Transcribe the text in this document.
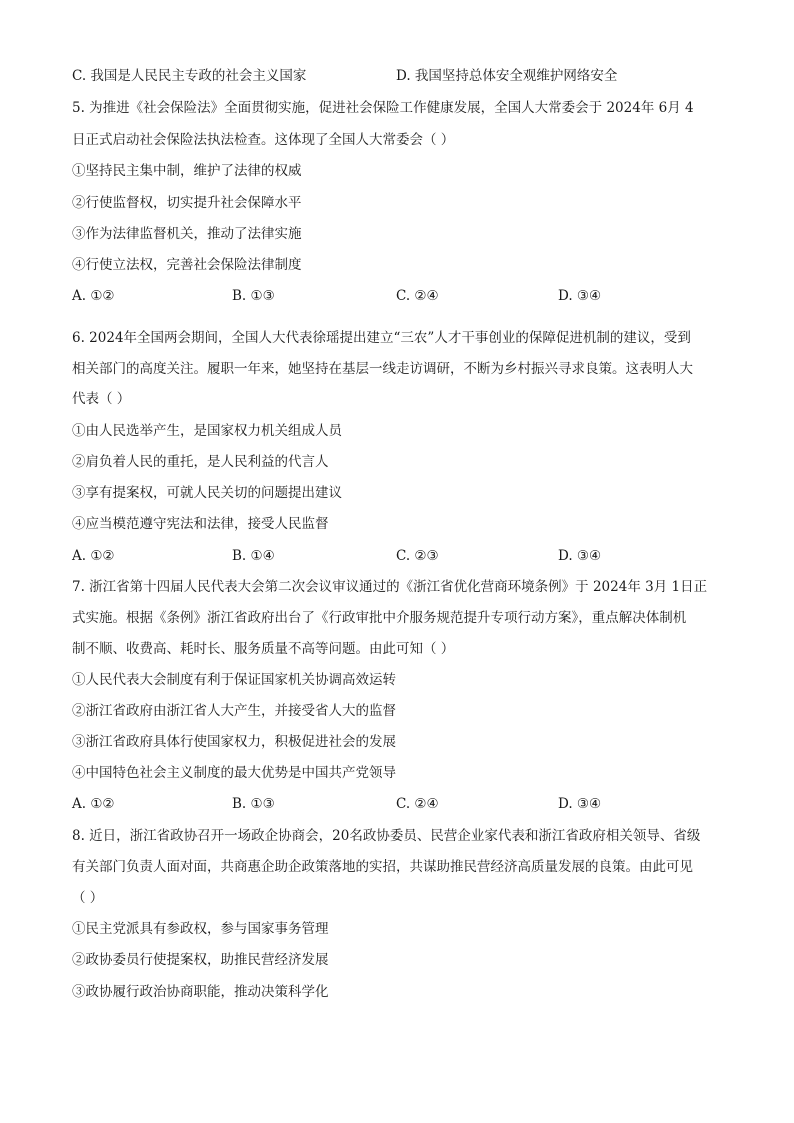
C. 我国是人民民主专政的社会主义国家	D. 我国坚持总体安全观维护网络安全
5. 为推进《社会保险法》全面贯彻实施，促进社会保险工作健康发展，全国人大常委会于 2024年 6月 4
日正式启动社会保险法执法检查。这体现了全国人大常委会（ ）
①坚持民主集中制，维护了法律的权威
②行使监督权，切实提升社会保障水平
③作为法律监督机关，推动了法律实施
④行使立法权，完善社会保险法律制度
A. ①②	B. ①③	C. ②④	D. ③④
6. 2024年全国两会期间，全国人大代表徐瑶提出建立“三农”人才干事创业的保障促进机制的建议，受到
相关部门的高度关注。履职一年来，她坚持在基层一线走访调研，不断为乡村振兴寻求良策。这表明人大
代表（ ）
①由人民选举产生，是国家权力机关组成人员
②肩负着人民的重托，是人民利益的代言人
③享有提案权，可就人民关切的问题提出建议
④应当模范遵守宪法和法律，接受人民监督
A. ①②	B. ①④	C. ②③	D. ③④
7. 浙江省第十四届人民代表大会第二次会议审议通过的《浙江省优化营商环境条例》于 2024年 3月 1日正
式实施。根据《条例》浙江省政府出台了《行政审批中介服务规范提升专项行动方案》，重点解决体制机
制不顺、收费高、耗时长、服务质量不高等问题。由此可知（ ）
①人民代表大会制度有利于保证国家机关协调高效运转
②浙江省政府由浙江省人大产生，并接受省人大的监督
③浙江省政府具体行使国家权力，积极促进社会的发展
④中国特色社会主义制度的最大优势是中国共产党领导
A. ①②	B. ①③	C. ②④	D. ③④
8. 近日，浙江省政协召开一场政企协商会，20名政协委员、民营企业家代表和浙江省政府相关领导、省级
有关部门负责人面对面，共商惠企助企政策落地的实招，共谋助推民营经济高质量发展的良策。由此可见
（ ）
①民主党派具有参政权，参与国家事务管理
②政协委员行使提案权，助推民营经济发展
③政协履行政治协商职能，推动决策科学化
